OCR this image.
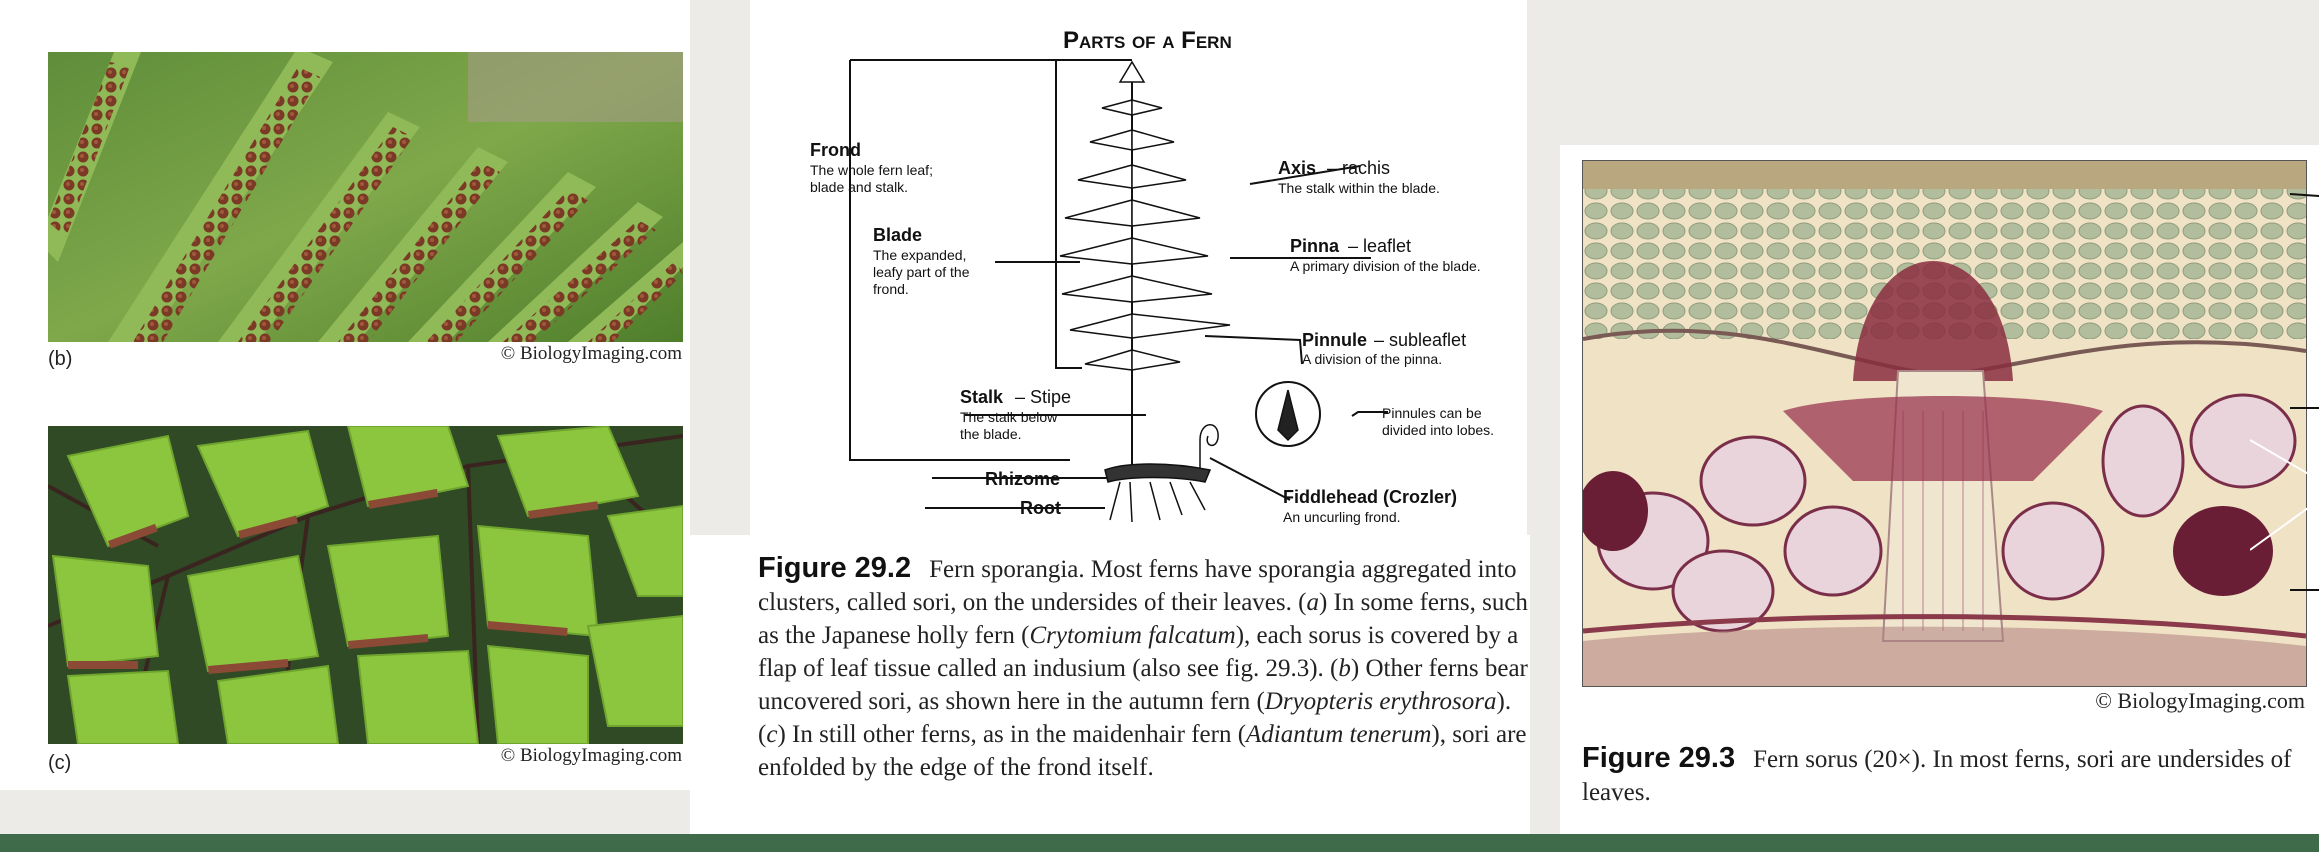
(b)	© BiologyImaging.com
(c)	© BiologyImaging.com
Parts of a Fern
Frond
The whole fern leaf;
blade and stalk.
Blade
The expanded,
leafy part of the
frond.
Stalk – Stipe
The stalk below
the blade.
Rhizome
Root
Axis – rachis
The stalk within the blade.
Pinna – leaflet
A primary division of the blade.
Pinnule – subleaflet
A division of the pinna.
Pinnules can be
divided into lobes.
Fiddlehead (Crozler)
An uncurling frond.
Figure 29.2 Fern sporangia. Most ferns have sporangia aggregated into clusters, called sori, on the undersides of their leaves. (a) In some ferns, such as the Japanese holly fern (Crytomium falcatum), each sorus is covered by a flap of leaf tissue called an indusium (also see fig. 29.3). (b) Other ferns bear uncovered sori, as shown here in the autumn fern (Dryopteris erythrosora). (c) In still other ferns, as in the maidenhair fern (Adiantum tenerum), sori are enfolded by the edge of the frond itself.
© BiologyImaging.com
Figure 29.3 Fern sorus (20×). In most ferns, sori are undersides of leaves.
